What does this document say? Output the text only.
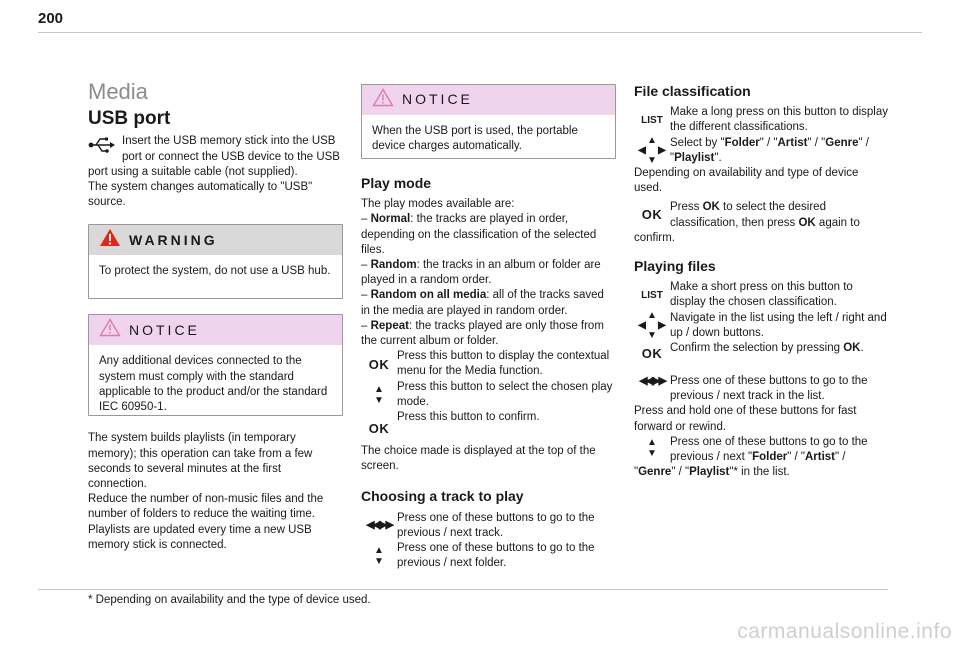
200
Media
USB port

Insert the USB memory stick into the USB port or connect the USB device to the USB port using a suitable cable (not supplied).

The system changes automatically to "USB" source.

WARNING
To protect the system, do not use a USB hub.
NOTICE
Any additional devices connected to the system must comply with the standard applicable to the product and/or the standard IEC 60950-1.

The system builds playlists (in temporary memory); this operation can take from a few seconds to several minutes at the first connection.

Reduce the number of non-music files and the number of folders to reduce the waiting time.

Playlists are updated every time a new USB memory stick is connected.

NOTICE
When the USB port is used, the portable device charges automatically.
Play mode

The play modes available are:

– Normal: the tracks are played in order, depending on the classification of the selected files.

– Random: the tracks in an album or folder are played in a random order.

– Random on all media: all of the tracks saved in the media are played in random order.

– Repeat: the tracks played are only those from the current album or folder.

OK

Press this button to display the contextual menu for the Media function.

▲
▼

Press this button to select the chosen play mode.

OK

Press this button to confirm.

The choice made is displayed at the top of the screen.

Choosing a track to play
◀◀▶▶

Press one of these buttons to go to the previous / next track.

▲
▼

Press one of these buttons to go to the previous / next folder.

File classification
LIST

Make a long press on this button to display the different classifications.

▲
◀ ▶
▼

Select by "Folder" / "Artist" / "Genre" / "Playlist".

Depending on availability and type of device used.

OK Press OK to select the desired classification, then press OK again to confirm.

Playing files
LIST

Make a short press on this button to display the chosen classification.

▲
◀ ▶
▼

Navigate in the list using the left / right and up / down buttons.

OK Confirm the selection by pressing OK.

◀◀▶▶ Press one of these buttons to go to the previous / next track in the list.

Press and hold one of these buttons for fast forward or rewind.

▲
▼

Press one of these buttons to go to the previous / next "Folder" / "Artist" / "Genre" / "Playlist"* in the list.

* Depending on availability and the type of device used.
carmanualsonline.info
